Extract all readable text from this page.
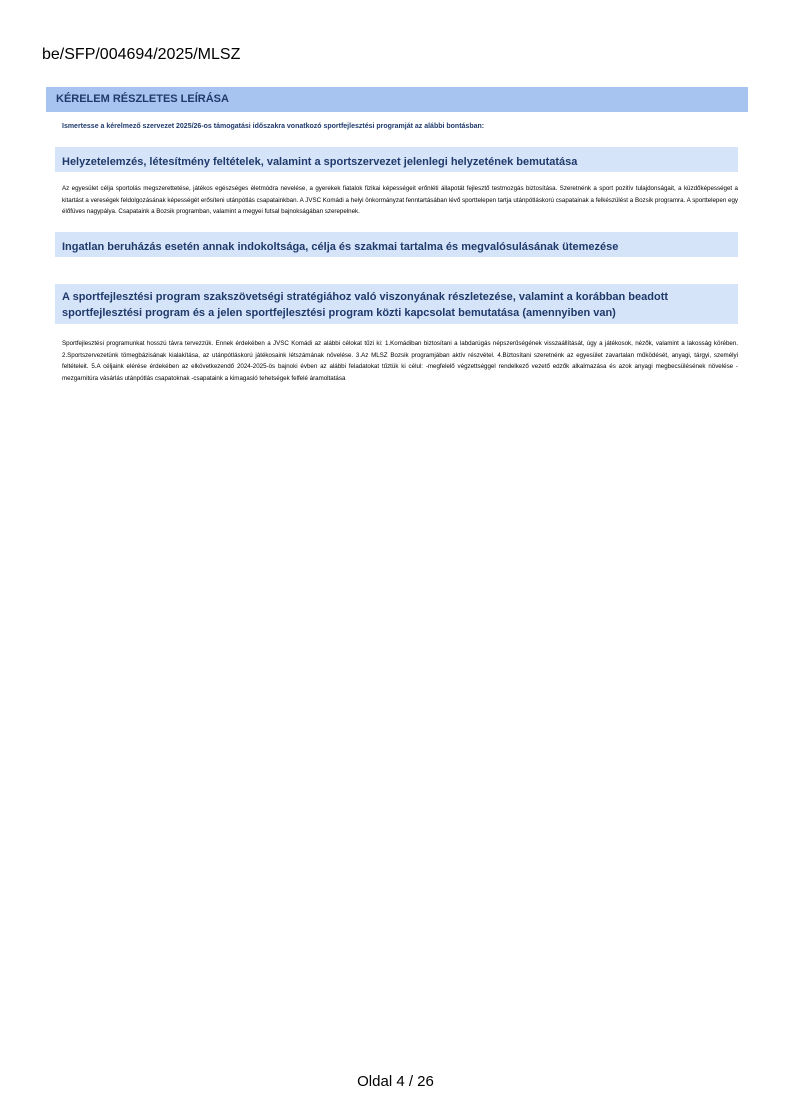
be/SFP/004694/2025/MLSZ
KÉRELEM RÉSZLETES LEÍRÁSA
Ismertesse a kérelmező szervezet 2025/26-os támogatási időszakra vonatkozó sportfejlesztési programját az alábbi bontásban:
Helyzetelemzés, létesítmény feltételek, valamint a sportszervezet jelenlegi helyzetének bemutatása
Az egyesület célja sportolás megszerettetése, játékos egészséges életmódra nevelése, a gyerekek fiatalok fizikai képességeit erőnléti állapotát fejlesztő testmozgás biztosítása. Szeretnénk a sport pozitív tulajdonságait, a küzdőképességet a kitartást a vereségek feldolgozásának képességét erősíteni utánpótlás csapatainkban. A JVSC Komádi a helyi önkormányzat fenntartásában lévő sporttelepen tartja utánpótláskorú csapatainak a felkészülést a Bozsik programra. A sporttelepen egy élőfüves nagypálya. Csapataink a Bozsik programban, valamint a megyei futsal bajnokságában szerepelnek.
Ingatlan beruházás esetén annak indokoltsága, célja és szakmai tartalma és megvalósulásának ütemezése
A sportfejlesztési program szakszövetségi stratégiához való viszonyának részletezése, valamint a korábban beadott sportfejlesztési program és a jelen sportfejlesztési program közti kapcsolat bemutatása (amennyiben van)
Sportfejlesztési programunkat hosszú távra tervezzük. Ennek érdekében a JVSC Komádi az alábbi célokat tűzi ki: 1.Komádiban biztosítani a labdarúgás népszerűségének visszaállítását, úgy a játékosok, nézők, valamint a lakosság körében. 2.Sportszervezetünk tömegbázisának kialakítása, az utánpótláskorú játékosaink létszámának növelése. 3.Az MLSZ Bozsik programjában aktív részvétel. 4.Biztosítani szeretnénk az egyesület zavartalan működését, anyagi, tárgyi, személyi feltételeit. 5.A céljaink elérése érdekében az elkövetkezendő 2024-2025-ös bajnoki évben az alábbi feladatokat tűztük ki célul: -megfelelő végzettséggel rendelkező vezető edzők alkalmazása és azok anyagi megbecsülésének növelése -mezgarnitúra vásárlás utánpótlás csapatoknak -csapataink a kimagasló tehetségek felfelé áramoltatása
Oldal 4 / 26
